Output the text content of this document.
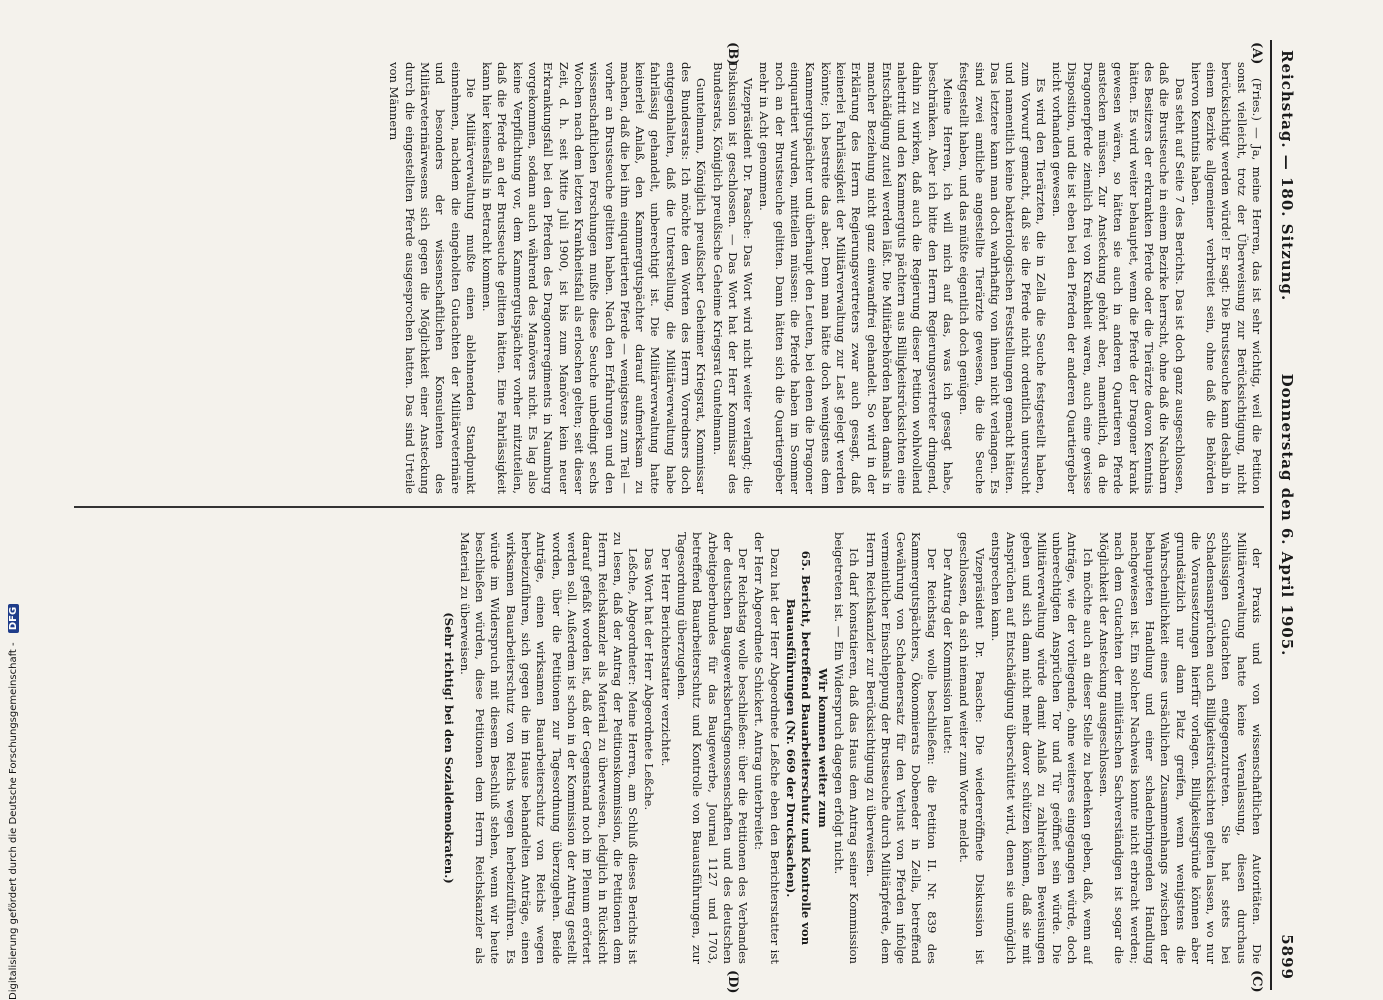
Reichstag. — 180. Sitzung.
Donnerstag den 6. April 1905.
5899
(A)
(B)
(C)
(D)

(Fries.) — Ja, meine Herren, das ist sehr wichtig, weil die Petition sonst vielleicht, trotz der Überweisung zur Berücksichtigung, nicht berücksichtigt werden würde! Er sagt: Die Brustseuche kann deshalb in einem Bezirke allgemeiner verbreitet sein, ohne daß die Behörden hiervon Kenntnis haben.

Das steht auf Seite 7 des Berichts. Das ist doch ganz ausgeschlossen, daß die Brustseuche in einem Bezirke herrscht, ohne daß die Nachbarn des Besitzers der erkrankten Pferde oder die Tierärzte davon Kenntnis hätten. Es wird weiter behauptet, wenn die Pferde der Dragoner krank gewesen wären, so hätten sie auch in anderen Quartieren Pferde anstecken müssen. Zur Ansteckung gehört aber, namentlich, da die Dragonerpferde ziemlich frei von Krankheit waren, auch eine gewisse Disposition, und die ist eben bei den Pferden der anderen Quartiergeber nicht vorhanden gewesen.

Es wird den Tierärzten, die in Zella die Seuche festgestellt haben, zum Vorwurf gemacht, daß sie die Pferde nicht ordentlich untersucht und namentlich keine bakteriologischen Feststellungen gemacht hätten. Das letztere kann man doch wahrhaftig von ihnen nicht verlangen. Es sind zwei amtliche angestellte Tierärzte gewesen, die die Seuche festgestellt haben, und das müßte eigentlich doch genügen.

Meine Herren, ich will mich auf das, was ich gesagt habe, beschränken. Aber ich bitte den Herrn Regierungsvertreter dringend, dahin zu wirken, daß auch die Regierung dieser Petition wohlwollend nahetritt und den Kammerguts pächtern aus Billigkeitsrücksichten eine Entschädigung zuteil werden läßt. Die Militärbehörden haben damals in mancher Beziehung nicht ganz einwandfrei gehandelt. So wird in der Erklärung des Herrn Regierungsvertreters zwar auch gesagt, daß keinerlei Fahrlässigkeit der Militärverwaltung zur Last gelegt werden könnte; ich bestreite das aber. Denn man hätte doch wenigstens dem Kammergutspächter und überhaupt den Leuten, bei denen die Dragoner einquartiert wurden, mitteilen müssen: die Pferde haben im Sommer noch an der Brustseuche gelitten. Dann hätten sich die Quartiergeber mehr in Acht genommen.

Vizepräsident Dr. Paasche: Das Wort wird nicht weiter verlangt; die Diskussion ist geschlossen. — Das Wort hat der Herr Kommissar des Bundesrats, Königlich preußische Geheime Kriegsrat Guntelmann.

Guntelmann, Königlich preußischer Geheimer Kriegsrat, Kommissar des Bundesrats: Ich möchte den Worten des Herrn Vorredners doch entgegenhalten, daß die Unterstellung, die Militärverwaltung habe fahrlässig gehandelt, unberechtigt ist. Die Militärverwaltung hatte keinerlei Anlaß, den Kammergutspächter darauf aufmerksam zu machen, daß die bei ihm einquartierten Pferde — wenigstens zum Teil — vorher an Brustseuche gelitten haben. Nach den Erfahrungen und den wissenschaftlichen Forschungen mußte diese Seuche unbedingt sechs Wochen nach dem letzten Krankheitsfall als erloschen gelten; seit dieser Zeit, d. h. seit Mitte Juli 1900, ist bis zum Manöver kein neuer Erkrankungsfall bei den Pferden des Dragonerregiments in Naumburg vorgekommen, sodann auch während des Manövers nicht. Es lag also keine Verpflichtung vor, dem Kammergutspächter vorher mitzuteilen, daß die Pferde an der Brustseuche gelitten hätten. Eine Fahrlässigkeit kann hier keinesfalls in Betracht kommen.

Die Militärverwaltung mußte einen ablehnenden Standpunkt einnehmen, nachdem die eingeholten Gutachten der Militärveterinäre und besonders der wissenschaftlichen Konsulenten des Militärveterinärwesens sich gegen die Möglichkeit einer Ansteckung durch die eingestellten Pferde ausgesprochen hatten. Das sind Urteile von Männern

der Praxis und von wissenschaftlichen Autoritäten. Die Militärverwaltung hatte keine Veranlassung, diesen durchaus schlüssigen Gutachten entgegenzutreten. Sie hat stets bei Schadensansprüchen auch Billigkeitsrücksichten gelten lassen, wo nur die Voraussetzungen hierfür vorlagen. Billigkeitsgründe können aber grundsätzlich nur dann Platz greifen, wenn wenigstens die Wahrscheinlichkeit eines ursächlichen Zusammenhangs zwischen der behaupteten Handlung und einer schadenbringenden Handlung nachgewiesen ist. Ein solcher Nachweis konnte nicht erbracht werden; nach dem Gutachten der militärischen Sachverständigen ist sogar die Möglichkeit der Ansteckung ausgeschlossen.

Ich möchte auch an dieser Stelle zu bedenken geben, daß, wenn auf Anträge, wie der vorliegende, ohne weiteres eingegangen würde, doch unberechtigten Ansprüchen Tor und Tür geöffnet sein würde. Die Militärverwaltung würde damit Anlaß zu zahlreichen Beweisungen geben und sich dann nicht mehr davor schützen können, daß sie mit Ansprüchen auf Entschädigung überschüttet wird, denen sie unmöglich entsprechen kann.

Vizepräsident Dr. Paasche: Die wiedereröffnete Diskussion ist geschlossen, da sich niemand weiter zum Worte meldet.

Der Antrag der Kommission lautet:

Der Reichstag wolle beschließen: die Petition II. Nr. 839 des Kammergutspächters, Ökonomierats Dobeneder in Zella, betreffend Gewährung von Schadenersatz für den Verlust von Pferden infolge vermeintlicher Einschleppung der Brustseuche durch Militärpferde, dem Herrn Reichskanzler zur Berücksichtigung zu überweisen.

Ich darf konstatieren, daß das Haus dem Antrag seiner Kommission beigetreten ist. — Ein Widerspruch dagegen erfolgt nicht.

Wir kommen weiter zum

65. Bericht, betreffend Bauarbeiterschutz und Kontrolle von Bauausführungen (Nr. 669 der Drucksachen).

Dazu hat der Herr Abgeordnete Leßche eben den Berichterstatter ist der Herr Abgeordnete Schickert. Antrag unterbreitet:

Der Reichstag wolle beschließen: über die Petitionen des Verbandes der deutschen Baugewerksberufsgenossenschaften und des deutschen Arbeitgeberbundes für das Baugewerbe, Journal 1127 und 1703, betreffend Bauarbeiterschutz und Kontrolle von Bauausführungen, zur Tagesordnung überzugehen.

Der Herr Berichterstatter verzichtet.

Das Wort hat der Herr Abgeordnete Leßche.

Leßche, Abgeordneter: Meine Herren, am Schluß dieses Berichts ist zu lesen, daß der Antrag der Petitionskommission, die Petitionen dem Herrn Reichskanzler als Material zu überweisen, lediglich in Rücksicht darauf gefaßt worden ist, daß der Gegenstand noch im Plenum erörtert werden soll. Außerdem ist schon in der Kommission der Antrag gestellt worden, über die Petitionen zur Tagesordnung überzugehen. Beide Anträge, einen wirksamen Bauarbeiterschutz von Reichs wegen herbeizuführen, sich gegen die im Hause behandelten Anträge, einen wirksamen Bauarbeiterschutz von Reichs wegen herbeizuführen. Es würde im Widerspruch mit diesem Beschluß stehen, wenn wir heute beschließen würden, diese Petitionen dem Herrn Reichskanzler als Material zu überweisen.

(Sehr richtig! bei den Sozialdemokraten.)

Digitalisierung gefördert durch die Deutsche Forschungsgemeinschaft - DFG
